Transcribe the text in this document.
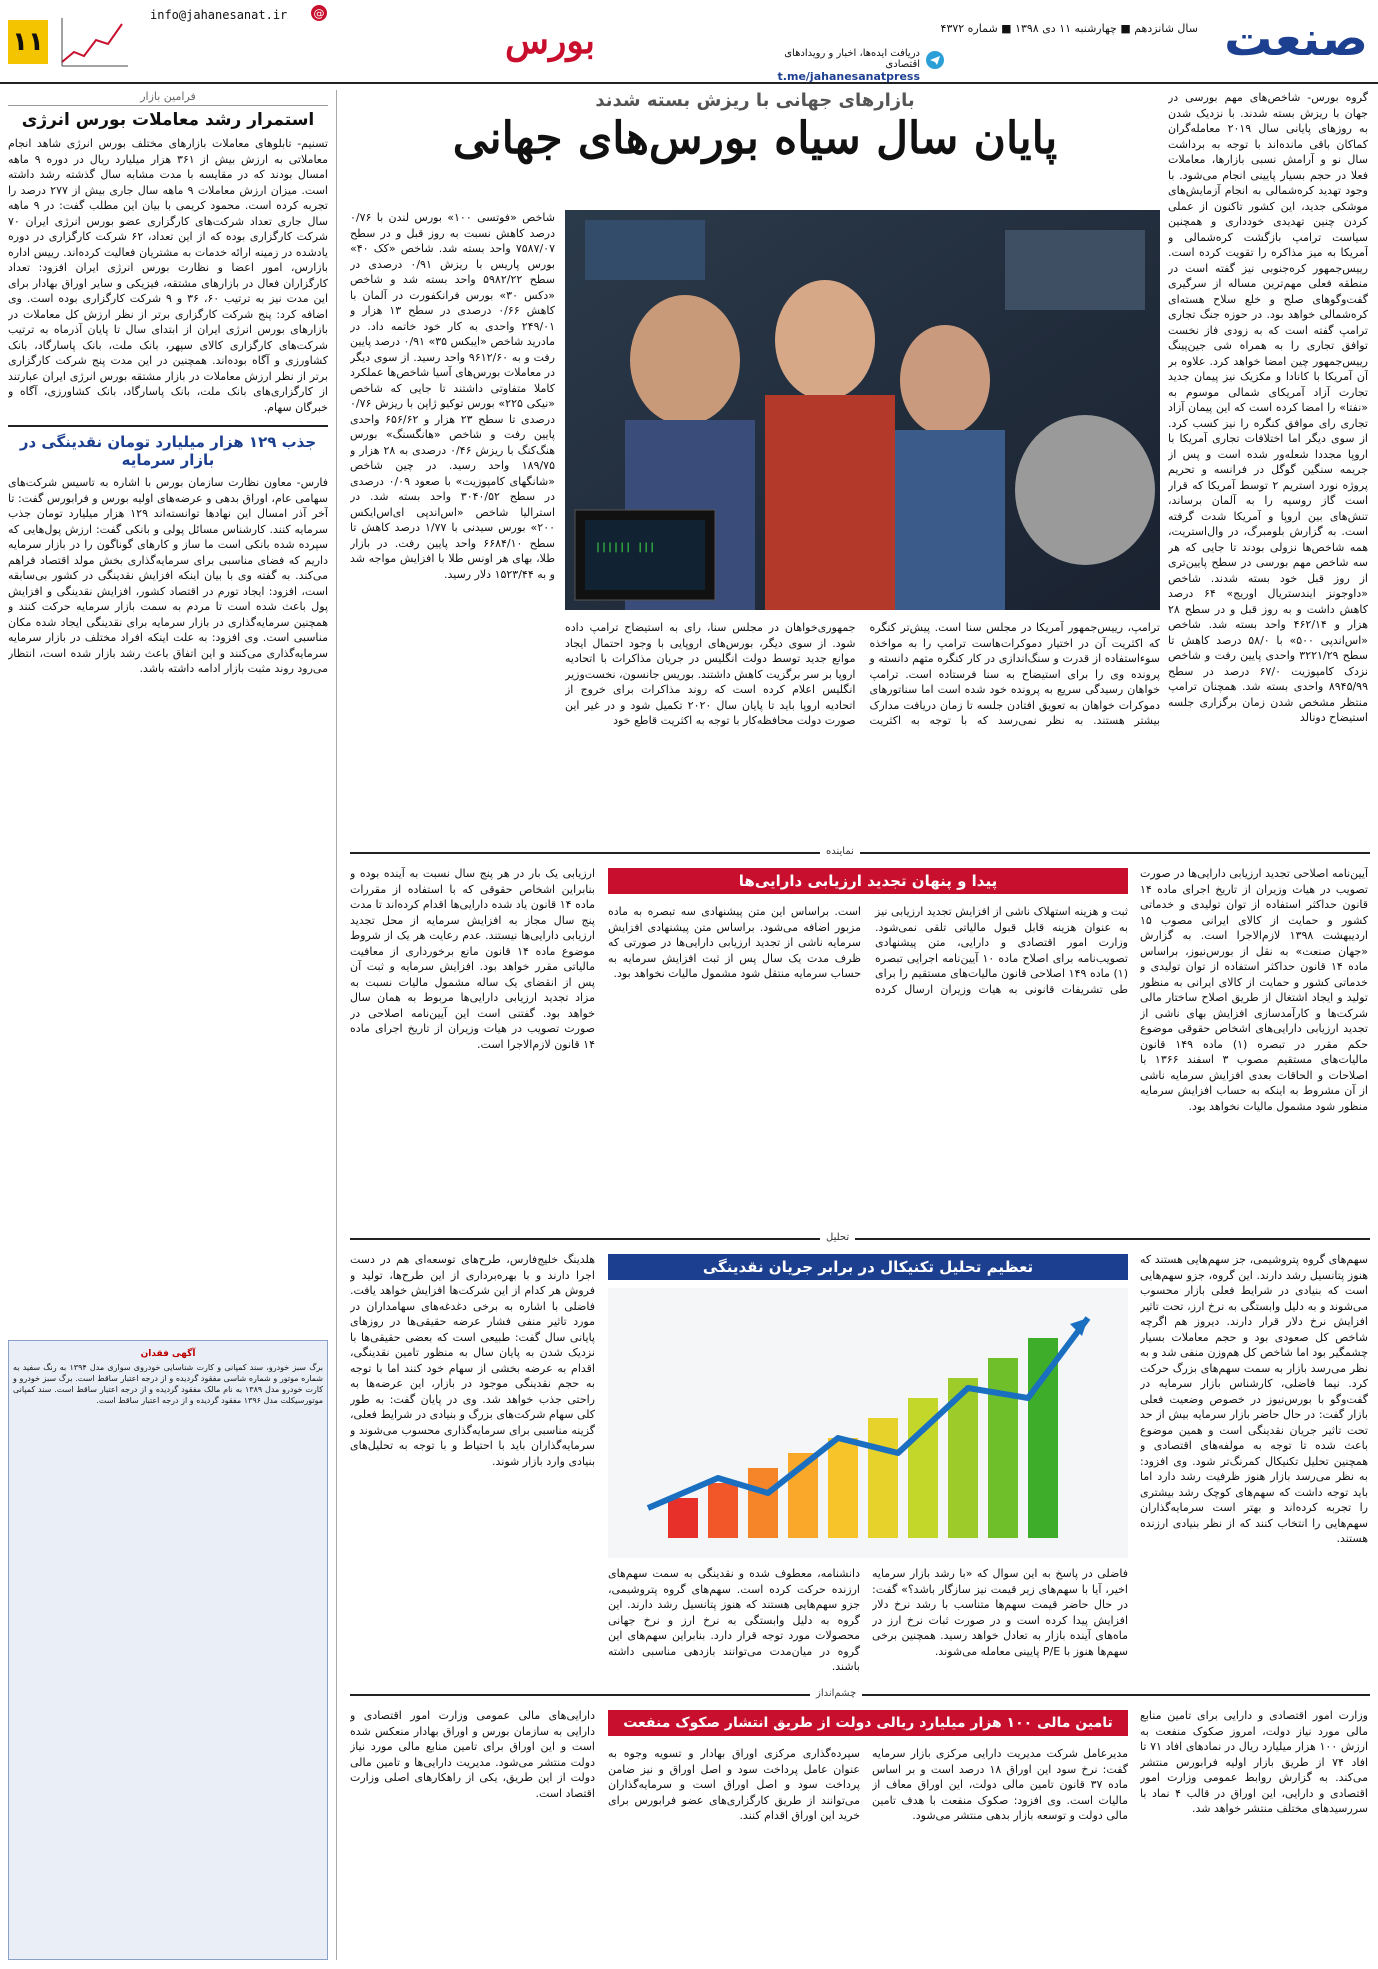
۱۱
info@jahanesanat.ir @
بورس	دریافت ایده‌ها، اخبار و رویدادهای اقتصادی
t.me/jahanesanatpress
سال شانزدهم ■ چهارشنبه ۱۱ دی ۱۳۹۸ ■ شماره ۴۳۷۲ صنعت
فرامین بازار
استمرار رشد معاملات بورس انرژی

تسنیم- تابلوهای معاملات بازارهای مختلف بورس انرژی شاهد انجام معاملاتی به ارزش بیش از ۳۶۱ هزار میلیارد ریال در دوره ۹ ماهه امسال بودند که در مقایسه با مدت مشابه سال گذشته رشد داشته است. میزان ارزش معاملات ۹ ماهه سال جاری بیش از ۲۷۷ درصد را تجربه کرده است. محمود کریمی با بیان این مطلب گفت: در ۹ ماهه سال جاری تعداد شرکت‌های کارگزاری عضو بورس انرژی ایران ۷۰ شرکت کارگزاری بوده که از این تعداد، ۶۲ شرکت کارگزاری در دوره یادشده در زمینه ارائه خدمات به مشتریان فعالیت کرده‌اند. رییس اداره بازارس، امور اعضا و نظارت بورس انرژی ایران افزود: تعداد کارگزاران فعال در بازارهای مشتقه، فیزیکی و سایر اوراق بهادار برای این مدت نیز به ترتیب ۶۰، ۳۶ و ۹ شرکت کارگزاری بوده است. وی اضافه کرد: پنج شرکت کارگزاری برتر از نظر ارزش کل معاملات در بازارهای بورس انرژی ایران از ابتدای سال تا پایان آذرماه به ترتیب شرکت‌های کارگزاری کالای سپهر، بانک ملت، بانک پاسارگاد، بانک کشاورزی و آگاه بوده‌اند. همچنین در این مدت پنج شرکت کارگزاری برتر از نظر ارزش معاملات در بازار مشتقه بورس انرژی ایران عبارتند از کارگزاری‌های بانک ملت، بانک پاسارگاد، بانک کشاورزی، آگاه و خبرگان سهام.

جذب ۱۲۹ هزار میلیارد تومان نقدینگی در بازار سرمایه

فارس- معاون نظارت سازمان بورس با اشاره به تاسیس شرکت‌های سهامی عام، اوراق بدهی و عرضه‌های اولیه بورس و فرابورس گفت: تا آخر آذر امسال این نهادها توانسته‌اند ۱۲۹ هزار میلیارد تومان جذب سرمایه کنند. کارشناس مسائل پولی و بانکی گفت: ارزش پول‌هایی که سپرده شده بانکی است ما ساز و کارهای گوناگون را در بازار سرمایه داریم که فضای مناسبی برای سرمایه‌گذاری بخش مولد اقتصاد فراهم می‌کند. به گفته وی با بیان اینکه افزایش نقدینگی در کشور بی‌سابقه است، افزود: ایجاد تورم در اقتصاد کشور، افزایش نقدینگی و افزایش پول باعث شده است تا مردم به سمت بازار سرمایه حرکت کنند و همچنین سرمایه‌گذاری در بازار سرمایه برای نقدینگی ایجاد شده مکان مناسبی است. وی افزود: به علت اینکه افراد مختلف در بازار سرمایه سرمایه‌گذاری می‌کنند و این اتفاق باعث رشد بازار شده است، انتظار می‌رود روند مثبت بازار ادامه داشته باشد.

آگهی فقدان
برگ سبز خودرو، سند کمپانی و کارت شناسایی خودروی سواری مدل ۱۳۹۴ به رنگ سفید به شماره موتور و شماره شاسی مفقود گردیده و از درجه اعتبار ساقط است. برگ سبز خودرو و کارت خودرو مدل ۱۳۸۹ به نام مالک مفقود گردیده و از درجه اعتبار ساقط است. سند کمپانی موتورسیکلت مدل ۱۳۹۶ مفقود گردیده و از درجه اعتبار ساقط است.
بازارهای جهانی با ریزش بسته شدند
پایان سال سیاه بورس‌های جهانی

گروه بورس- شاخص‌های مهم بورسی در جهان با ریزش بسته شدند. با نزدیک شدن به روزهای پایانی سال ۲۰۱۹ معامله‌گران کماکان باقی مانده‌اند با توجه به برداشت سال نو و آرامش نسبی بازارها، معاملات فعلا در حجم بسیار پایینی انجام می‌شود. با وجود تهدید کره‌شمالی به انجام آزمایش‌های موشکی جدید، این کشور تاکنون از عملی کردن چنین تهدیدی خودداری و همچنین سیاست ترامپ بازگشت کره‌شمالی و آمریکا به میز مذاکره را تقویت کرده است. رییس‌جمهور کره‌جنوبی نیز گفته است در منطقه فعلی مهم‌ترین مساله از سرگیری گفت‌وگوهای صلح و خلع سلاح هسته‌ای کره‌شمالی خواهد بود. در حوزه جنگ تجاری ترامپ گفته است که به زودی فاز نخست توافق تجاری را به همراه شی جین‌پینگ رییس‌جمهور چین امضا خواهد کرد. علاوه بر آن آمریکا با کانادا و مکزیک نیز پیمان جدید تجارت آزاد آمریکای شمالی موسوم به «نفتا» را امضا کرده است که این پیمان آزاد تجاری رای موافق کنگره را نیز کسب کرد. از سوی دیگر اما اختلافات تجاری آمریکا با اروپا مجددا شعله‌ور شده است و پس از جریمه سنگین گوگل در فرانسه و تحریم پروژه نورد استریم ۲ توسط آمریکا که قرار است گاز روسیه را به آلمان برساند، تنش‌های بین اروپا و آمریکا شدت گرفته است. به گزارش بلومبرگ، در وال‌استریت، همه شاخص‌ها نزولی بودند تا جایی که هر سه شاخص مهم بورسی در سطح پایین‌تری از روز قبل خود بسته شدند. شاخص «داوجونز ایندستریال اوریج» ۶۴ درصد کاهش داشت و به روز قبل و در سطح ۲۸ هزار و ۴۶۲/۱۴ واحد بسته شد. شاخص «اس‌اندپی ۵۰۰» با ۵۸/۰ درصد کاهش تا سطح ۳۲۲۱/۲۹ واحدی پایین رفت و شاخص نزدک کامپوزیت ۶۷/۰ درصد در سطح ۸۹۴۵/۹۹ واحدی بسته شد. همچنان ‌ترامپ منتظر مشخص شدن زمان برگزاری جلسه استیضاح دونالد

|||||| |||

ترامپ، رییس‌جمهور آمریکا در مجلس سنا است. پیش‌تر کنگره که اکثریت آن در اختیار دموکرات‌هاست ترامپ را به مواخذه سوءاستفاده از قدرت و سنگ‌اندازی در کار کنگره متهم دانسته و پرونده وی را برای استیضاح به سنا فرستاده است. ترامپ خواهان رسیدگی سریع به پرونده خود شده است اما سناتورهای دموکرات خواهان به تعویق افتادن جلسه تا زمان دریافت مدارک بیشتر هستند. به نظر نمی‌رسد که با توجه به اکثریت جمهوری‌خواهان در مجلس سنا، رای به استیضاح ترامپ داده شود. از سوی دیگر، بورس‌های اروپایی با وجود احتمال ایجاد موانع جدید توسط دولت انگلیس در جریان مذاکرات با اتحادیه اروپا بر سر برگزیت کاهش داشتند. بوریس جانسون، نخست‌وزیر انگلیس اعلام کرده است که روند مذاکرات برای خروج از اتحادیه اروپا باید تا پایان سال ۲۰۲۰ تکمیل شود و در غیر این صورت دولت محافظه‌کار با توجه به اکثریت قاطع خود

شاخص «فوتسی ۱۰۰» بورس لندن با ۰/۷۶ درصد کاهش نسبت به روز قبل و در سطح ۷۵۸۷/۰۷ واحد بسته شد. شاخص «کک ۴۰» بورس پاریس با ریزش ۰/۹۱ درصدی در سطح ۵۹۸۲/۲۲ واحد بسته شد و شاخص «دکس ۳۰» بورس فرانکفورت در آلمان با کاهش ۰/۶۶ درصدی در سطح ۱۳ هزار و ۲۴۹/۰۱ واحدی به کار خود خاتمه داد. در مادرید شاخص «ایبکس ۳۵» ۰/۹۱ درصد پایین رفت و به ۹۶۱۲/۶۰ واحد رسید. از سوی دیگر در معاملات بورس‌های آسیا شاخص‌ها عملکرد کاملا متفاوتی داشتند تا جایی که شاخص «نیکی ۲۲۵» بورس توکیو ژاپن با ریزش ۰/۷۶ درصدی تا سطح ۲۳ هزار و ۶۵۶/۶۲ واحدی پایین رفت و شاخص «هانگسنگ» بورس هنگ‌کنگ با ریزش ۰/۴۶ درصدی به ۲۸ هزار و ۱۸۹/۷۵ واحد رسید. در چین شاخص «شانگهای کامپوزیت» با صعود ۰/۰۹ درصدی در سطح ۳۰۴۰/۵۲ واحد بسته شد. در استرالیا شاخص «اس‌اندپی ای‌اس‌ایکس ۲۰۰» بورس سیدنی با ۱/۷۷ درصد کاهش تا سطح ۶۶۸۴/۱۰ واحد پایین رفت. در بازار طلا، بهای هر اونس طلا با افزایش مواجه شد و به ۱۵۲۳/۴۴ دلار رسید.

نماینده
پیدا و پنهان تجدید ارزیابی دارایی‌ها	آیین‌نامه اصلاحی تجدید ارزیابی دارایی‌ها در صورت تصویب در هیات وزیران از تاریخ اجرای ماده ۱۴ قانون حداکثر استفاده از توان تولیدی و خدماتی کشور و حمایت از کالای ایرانی مصوب ۱۵ اردیبهشت ۱۳۹۸ لازم‌الاجرا است. به گزارش «جهان صنعت» به نقل از بورس‌نیوز، براساس ماده ۱۴ قانون حداکثر استفاده از توان تولیدی و خدماتی کشور و حمایت از کالای ایرانی به منظور تولید و ایجاد اشتغال از طریق اصلاح ساختار مالی شرکت‌ها و کارآمدسازی افزایش بهای ناشی از تجدید ارزیابی دارایی‌های اشخاص حقوقی موضوع حکم مقرر در تبصره (۱) ماده ۱۴۹ قانون مالیات‌های مستقیم مصوب ۳ اسفند ۱۳۶۶ با اصلاحات و الحاقات بعدی افزایش سرمایه ناشی از آن مشروط به اینکه به حساب افزایش سرمایه منظور شود مشمول مالیات نخواهد بود.

ثبت و هزینه استهلاک ناشی از افزایش تجدید ارزیابی نیز به عنوان هزینه قابل قبول مالیاتی تلقی نمی‌شود. وزارت امور اقتصادی و دارایی، متن پیشنهادی تصویب‌نامه برای اصلاح ماده ۱۰ آیین‌نامه اجرایی تبصره (۱) ماده ۱۴۹ اصلاحی قانون مالیات‌های مستقیم را برای طی تشریفات قانونی به هیات وزیران ارسال کرده است. براساس این متن پیشنهادی سه تبصره به ماده مزبور اضافه می‌شود. براساس متن پیشنهادی افزایش سرمایه ناشی از تجدید ارزیابی دارایی‌ها در صورتی که ظرف مدت یک سال پس از ثبت افزایش سرمایه به حساب سرمایه منتقل شود مشمول مالیات نخواهد بود.

ارزیابی یک بار در هر پنج سال نسبت به آینده بوده و بنابراین اشخاص حقوقی که با استفاده از مقررات ماده ۱۴ قانون یاد شده دارایی‌ها اقدام کرده‌اند تا مدت پنج سال مجاز به افزایش سرمایه از محل تجدید ارزیابی دارایی‌ها نیستند. عدم رعایت هر یک از شروط موضوع ماده ۱۴ قانون مانع برخورداری از معافیت مالیاتی مقرر خواهد بود. افزایش سرمایه و ثبت آن پس از انقضای یک ساله مشمول مالیات نسبت به مزاد تجدید ارزیابی دارایی‌ها مربوط به همان سال خواهد بود. گفتنی است این آیین‌نامه اصلاحی در صورت تصویب در هیات وزیران از تاریخ اجرای ماده ۱۴ قانون لازم‌الاجرا است.

تحلیل
تعظیم تحلیل تکنیکال در برابر جریان نقدینگی	سهم‌های گروه پتروشیمی، جز سهم‌هایی هستند که هنوز پتانسیل رشد دارند. این گروه، جزو سهم‌هایی است که بنیادی در شرایط فعلی بازار محسوب می‌شوند و به دلیل وابستگی به نرخ ارز، تحت تاثیر افزایش نرخ دلار قرار دارند. دیروز هم اگرچه شاخص کل صعودی بود و حجم معاملات بسیار چشمگیر بود اما شاخص کل هم‌وزن منفی شد و به نظر می‌رسد بازار به سمت سهم‌های بزرگ حرکت کرد. نیما فاضلی، کارشناس بازار سرمایه در گفت‌وگو با بورس‌نیوز در خصوص وضعیت فعلی بازار گفت: در حال حاضر بازار سرمایه بیش از حد تحت تاثیر جریان نقدینگی است و همین موضوع باعث شده تا توجه به مولفه‌های اقتصادی و همچنین تحلیل تکنیکال کمرنگ‌تر شود. وی افزود: به نظر می‌رسد بازار هنوز ظرفیت رشد دارد اما باید توجه داشت که سهم‌های کوچک رشد بیشتری را تجربه کرده‌اند و بهتر است سرمایه‌گذاران سهم‌هایی را انتخاب کنند که از نظر بنیادی ارزنده هستند.

هلدینگ خلیج‌فارس، طرح‌های توسعه‌ای هم در دست اجرا دارند و با بهره‌برداری از این طرح‌ها، تولید و فروش هر کدام از این شرکت‌ها افزایش خواهد یافت. فاضلی با اشاره به برخی دغدغه‌های سهامداران در مورد تاثیر منفی فشار عرضه حقیقی‌ها در روزهای پایانی سال گفت: طبیعی است که بعضی حقیقی‌ها با نزدیک شدن به پایان سال به منظور تامین نقدینگی، اقدام به عرضه بخشی از سهام خود کنند اما با توجه به حجم نقدینگی موجود در بازار، این عرضه‌ها به راحتی جذب خواهد شد. وی در پایان گفت: به طور کلی سهام شرکت‌های بزرگ و بنیادی در شرایط فعلی، گزینه مناسبی برای سرمایه‌گذاری محسوب می‌شوند و سرمایه‌گذاران باید با احتیاط و با توجه به تحلیل‌های بنیادی وارد بازار شوند.

فاضلی در پاسخ به این سوال که «با رشد بازار سرمایه اخیر، آیا با سهم‌های زیر قیمت نیز سازگار باشد؟» گفت: در حال حاضر قیمت سهم‌ها متناسب با رشد نرخ دلار افزایش پیدا کرده است و در صورت ثبات نرخ ارز در ماه‌های آینده بازار به تعادل خواهد رسید. همچنین برخی سهم‌ها هنوز با P/E پایینی معامله می‌شوند.

دانشنامه، معطوف شده و نقدینگی به سمت سهم‌های ارزنده حرکت کرده است. سهم‌های گروه پتروشیمی، جزو سهم‌هایی هستند که هنوز پتانسیل رشد دارند. این گروه به دلیل وابستگی به نرخ ارز و نرخ جهانی محصولات مورد توجه قرار دارد. بنابراین سهم‌های این گروه در میان‌مدت می‌توانند بازدهی مناسبی داشته باشند.

چشم‌انداز
تامین مالی ۱۰۰ هزار میلیارد ریالی دولت از طریق انتشار صکوک منفعت	وزارت امور اقتصادی و دارایی برای تامین منابع مالی مورد نیاز دولت، امروز صکوک منفعت به ارزش ۱۰۰ هزار میلیارد ریال در نمادهای افاد ۷۱ تا افاد ۷۴ از طریق بازار اولیه فرابورس منتشر می‌کند. به گزارش روابط عمومی وزارت امور اقتصادی و دارایی، این اوراق در قالب ۴ نماد با سررسیدهای مختلف منتشر خواهد شد.

مدیرعامل شرکت مدیریت دارایی مرکزی بازار سرمایه گفت: نرخ سود این اوراق ۱۸ درصد است و بر اساس ماده ۳۷ قانون تامین مالی دولت، این اوراق معاف از مالیات است. وی افزود: صکوک منفعت با هدف تامین مالی دولت و توسعه بازار بدهی منتشر می‌شود.

سپرده‌گذاری مرکزی اوراق بهادار و تسویه وجوه به عنوان عامل پرداخت سود و اصل اوراق و نیز ضامن پرداخت سود و اصل اوراق است و سرمایه‌گذاران می‌توانند از طریق کارگزاری‌های عضو فرابورس برای خرید این اوراق اقدام کنند.

دارایی‌های مالی عمومی وزارت امور اقتصادی و دارایی به سازمان بورس و اوراق بهادار منعکس شده است و این اوراق برای تامین منابع مالی مورد نیاز دولت منتشر می‌شود. مدیریت دارایی‌ها و تامین مالی دولت از این طریق، یکی از راهکارهای اصلی وزارت اقتصاد است.
